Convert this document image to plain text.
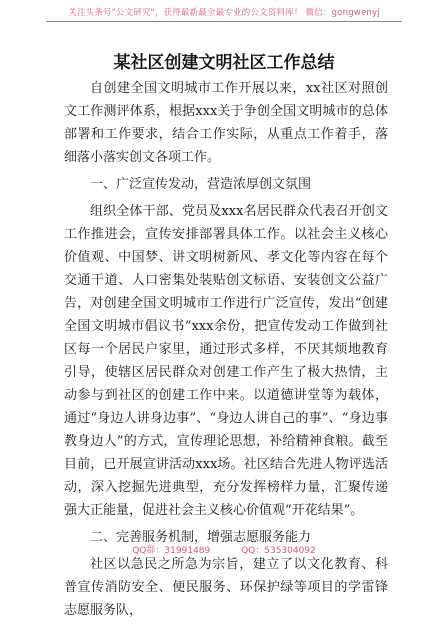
关注头条号"公文研究"，获得最新最全最专业的公文资料库！ 微信：gongwenyj
某社区创建文明社区工作总结

自创建全国文明城市工作开展以来，xx社区对照创文工作测评体系，根据xxx关于争创全国文明城市的总体部署和工作要求，结合工作实际，从重点工作着手，落细落小落实创文各项工作。

一、广泛宣传发动，营造浓厚创文氛围

组织全体干部、党员及xxx名居民群众代表召开创文工作推进会，宣传安排部署具体工作。以社会主义核心价值观、中国梦、讲文明树新风、孝文化等内容在每个交通干道、人口密集处装贴创文标语、安装创文公益广告，对创建全国文明城市工作进行广泛宣传，发出“创建全国文明城市倡议书”xxx余份，把宣传发动工作做到社区每一个居民户家里，通过形式多样，不厌其烦地教育引导，使辖区居民群众对创建工作产生了极大热情，主动参与到社区的创建工作中来。以道德讲堂等为载体，通过“身边人讲身边事”、“身边人讲自己的事”、“身边事教身边人”的方式，宣传理论思想，补给精神食粮。截至目前，已开展宣讲活动xxx场。社区结合先进人物评选活动，深入挖掘先进典型，充分发挥榜样力量，汇聚传递强大正能量，促进社会主义核心价值观“开花结果”。

二、完善服务机制，增强志愿服务能力

社区以急民之所急为宗旨，建立了以文化教育、科普宣传消防安全、便民服务、环保护绿等项目的学雷锋志愿服务队，

QQ群：31991489	QQ：535304092
